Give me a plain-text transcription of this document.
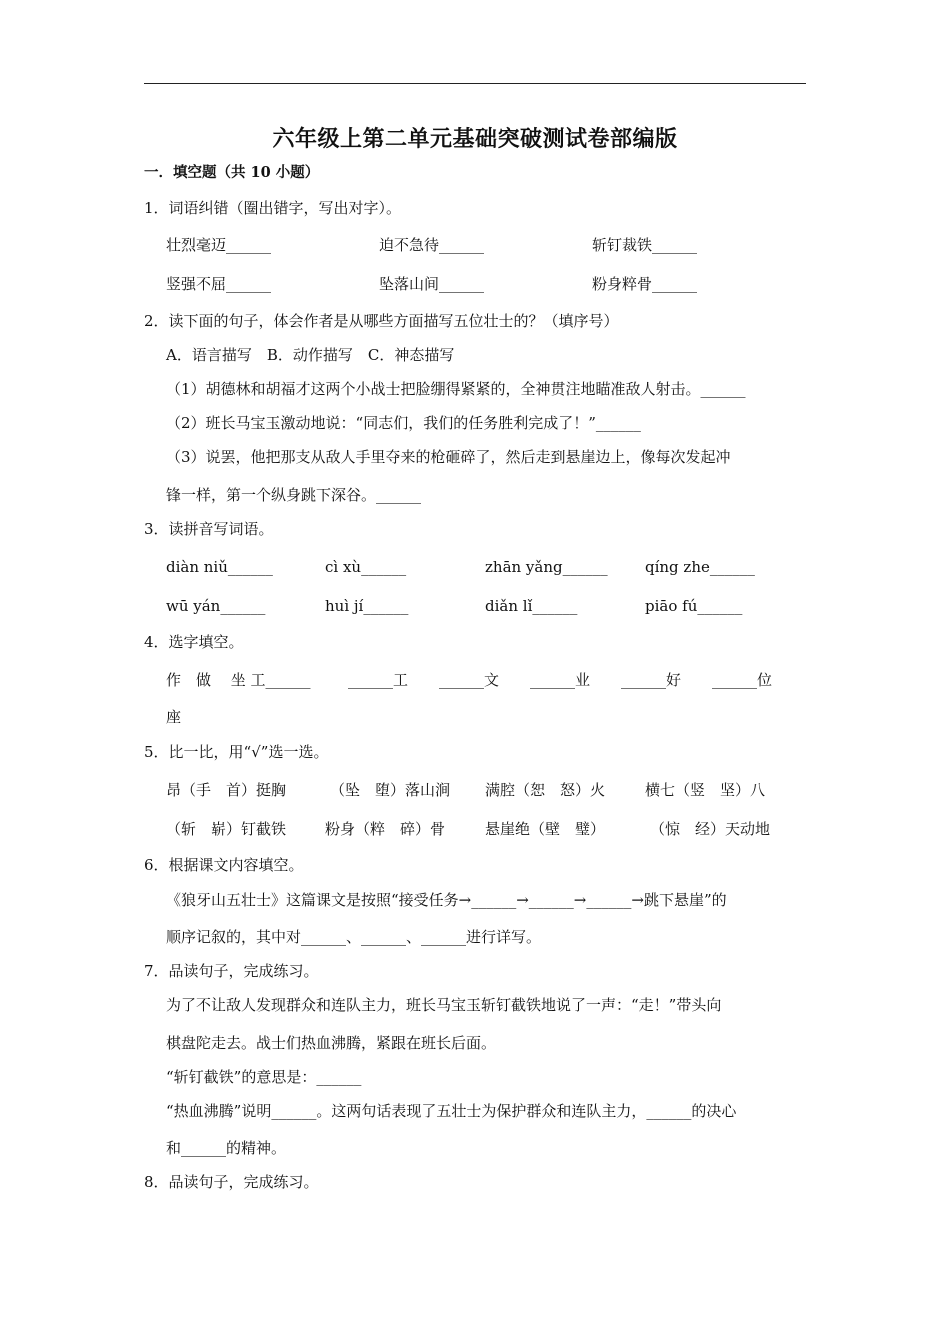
六年级上第二单元基础突破测试卷部编版
一．填空题（共 10 小题）
1．词语纠错（圈出错字，写出对字）。
壮烈毫迈______	迫不急待______	斩钉裁铁______
竖强不屈______	坠落山间______	粉身粹骨______
2．读下面的句子，体会作者是从哪些方面描写五位壮士的？（填序号）
A．语言描写　B．动作描写　C．神态描写
（1）胡德林和胡福才这两个小战士把脸绷得紧紧的，全神贯注地瞄准敌人射击。______
（2）班长马宝玉激动地说：“同志们，我们的任务胜利完成了！”______
（3）说罢，他把那支从敌人手里夺来的枪砸碎了，然后走到悬崖边上，像每次发起冲
锋一样，第一个纵身跳下深谷。______
3．读拼音写词语。
diàn niǔ______	cì xù______	zhān yǎng______ qíng zhe______
wū yán______	huì jí______	diǎn lǐ______	piāo fú______
4．选字填空。
作　做　 坐 工______ ______工 ______文 ______业 ______好 ______位
座
5．比一比，用“√”选一选。
昂（手　首）挺胸	（坠　堕）落山涧 满腔（恕　怒）火	横七（竖　坚）八
（斩　崭）钉截铁	粉身（粹　碎）骨	悬崖绝（壁　璧）	（惊　经）天动地
6．根据课文内容填空。
《狼牙山五壮士》这篇课文是按照“接受任务→______→______→______→跳下悬崖”的
顺序记叙的，其中对______、______、______进行详写。
7．品读句子，完成练习。
为了不让敌人发现群众和连队主力，班长马宝玉斩钉截铁地说了一声：“走！”带头向
棋盘陀走去。战士们热血沸腾，紧跟在班长后面。
“斩钉截铁”的意思是：______
“热血沸腾”说明______。这两句话表现了五壮士为保护群众和连队主力，______的决心
和______的精神。
8．品读句子，完成练习。
